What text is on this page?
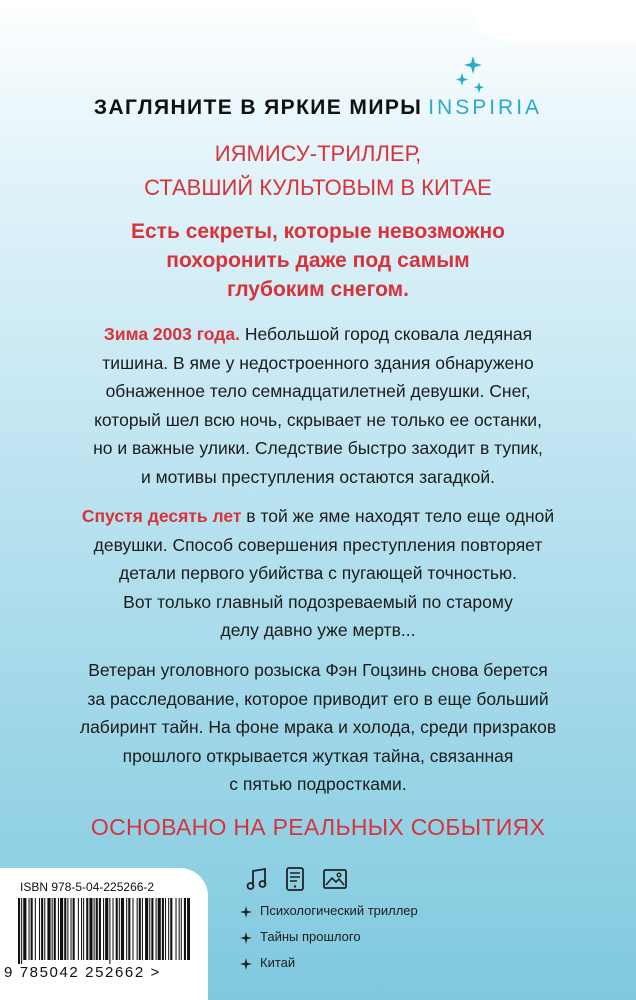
ЗАГЛЯНИТЕ В ЯРКИЕ МИРЫ INSPIRIA
ИЯМИСУ-ТРИЛЛЕР,
СТАВШИЙ КУЛЬТОВЫМ В КИТАЕ
Есть секреты, которые невозможно
похоронить даже под самым
глубоким снегом.
Зима 2003 года. Небольшой город сковала ледяная
тишина. В яме у недостроенного здания обнаружено
обнаженное тело семнадцатилетней девушки. Снег,
который шел всю ночь, скрывает не только ее останки,
но и важные улики. Следствие быстро заходит в тупик,
и мотивы преступления остаются загадкой.
Спустя десять лет в той же яме находят тело еще одной
девушки. Способ совершения преступления повторяет
детали первого убийства с пугающей точностью.
Вот только главный подозреваемый по старому
делу давно уже мертв...
Ветеран уголовного розыска Фэн Гоцзинь снова берется
за расследование, которое приводит его в еще больший
лабиринт тайн. На фоне мрака и холода, среди призраков
прошлого открывается жуткая тайна, связанная
с пятью подростками.
ОСНОВАНО НА РЕАЛЬНЫХ СОБЫТИЯХ
ISBN 978-5-04-225266-2
9 785042 252662 >
Психологический триллер
Тайны прошлого
Китай
